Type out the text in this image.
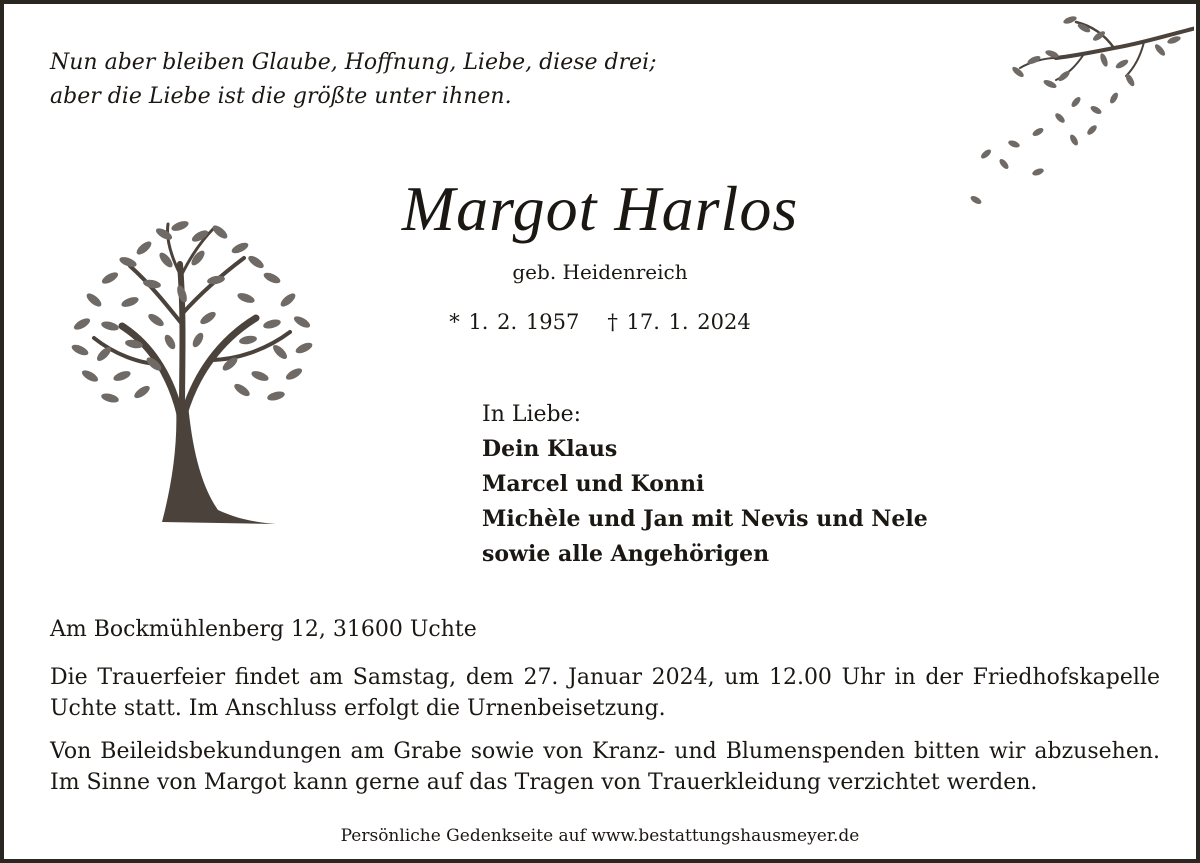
Nun aber bleiben Glaube, Hoffnung, Liebe, diese drei;
aber die Liebe ist die größte unter ihnen.
Margot Harlos
geb. Heidenreich
* 1. 2. 1957 † 17. 1. 2024
In Liebe:
Dein Klaus
Marcel und Konni
Michèle und Jan mit Nevis und Nele
sowie alle Angehörigen
Am Bockmühlenberg 12, 31600 Uchte
Die Trauerfeier findet am Samstag, dem 27. Januar 2024, um 12.00 Uhr in der Friedhofskapelle Uchte statt. Im Anschluss erfolgt die Urnenbeisetzung.
Von Beileidsbekundungen am Grabe sowie von Kranz- und Blumenspenden bitten wir abzusehen. Im Sinne von Margot kann gerne auf das Tragen von Trauerkleidung verzichtet werden.
Persönliche Gedenkseite auf www.bestattungshausmeyer.de
